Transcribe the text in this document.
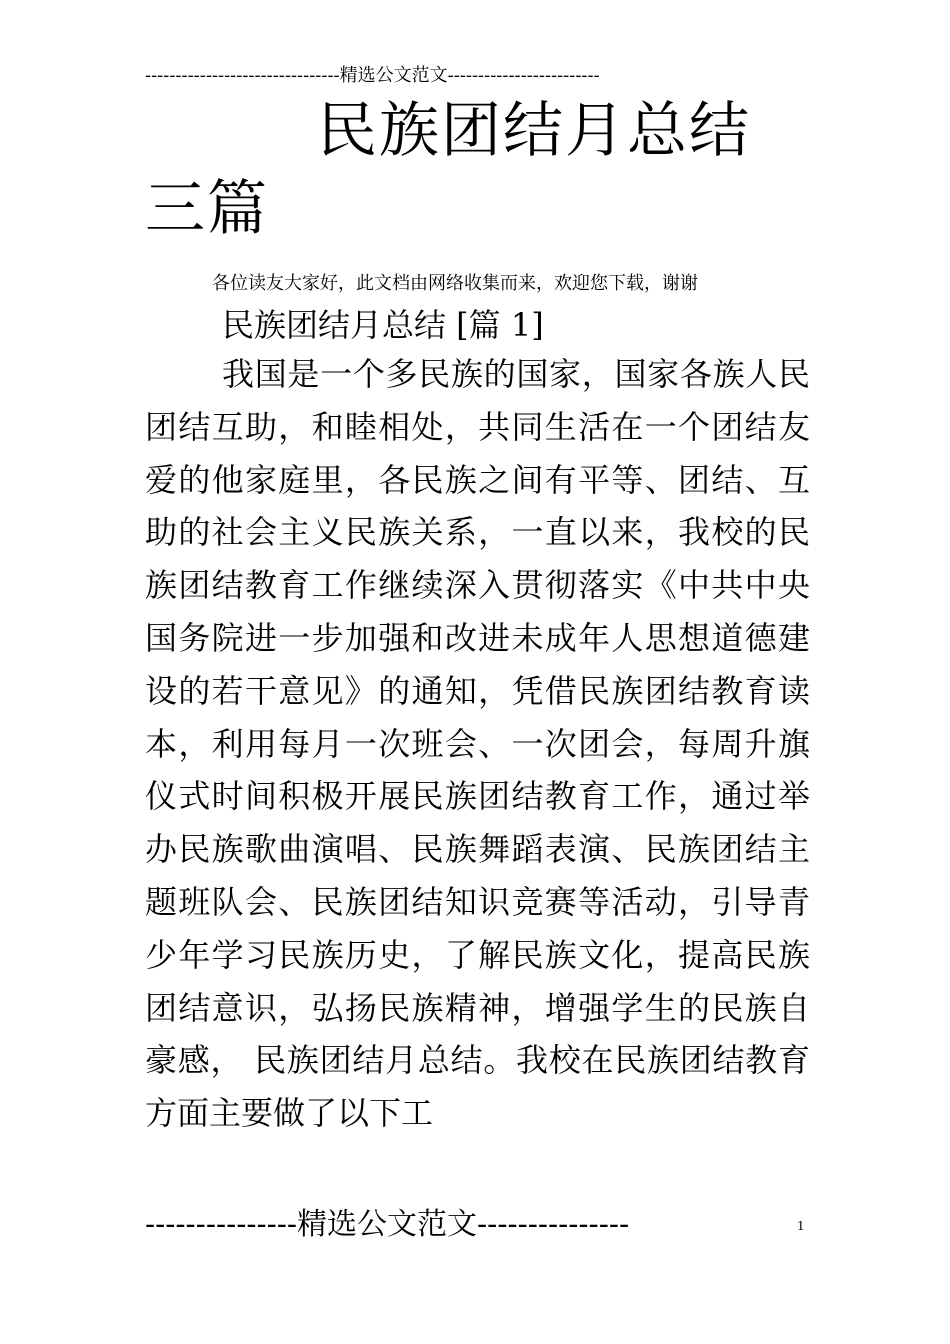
--------------------------------精选公文范文-------------------------
民族团结月总结三篇
各位读友大家好，此文档由网络收集而来，欢迎您下载，谢谢
民族团结月总结 [篇 1]
我国是一个多民族的国家，国家各族人民团结互助，和睦相处，共同生活在一个团结友爱的他家庭里，各民族之间有平等、团结、互助的社会主义民族关系，一直以来，我校的民族团结教育工作继续深入贯彻落实《中共中央国务院进一步加强和改进未成年人思想道德建设的若干意见》的通知，凭借民族团结教育读本，利用每月一次班会、一次团会，每周升旗仪式时间积极开展民族团结教育工作，通过举办民族歌曲演唱、民族舞蹈表演、民族团结主题班队会、民族团结知识竞赛等活动，引导青少年学习民族历史，了解民族文化，提高民族团结意识，弘扬民族精神，增强学生的民族自豪感， 民族团结月总结。我校在民族团结教育方面主要做了以下工
---------------精选公文范文---------------	1
